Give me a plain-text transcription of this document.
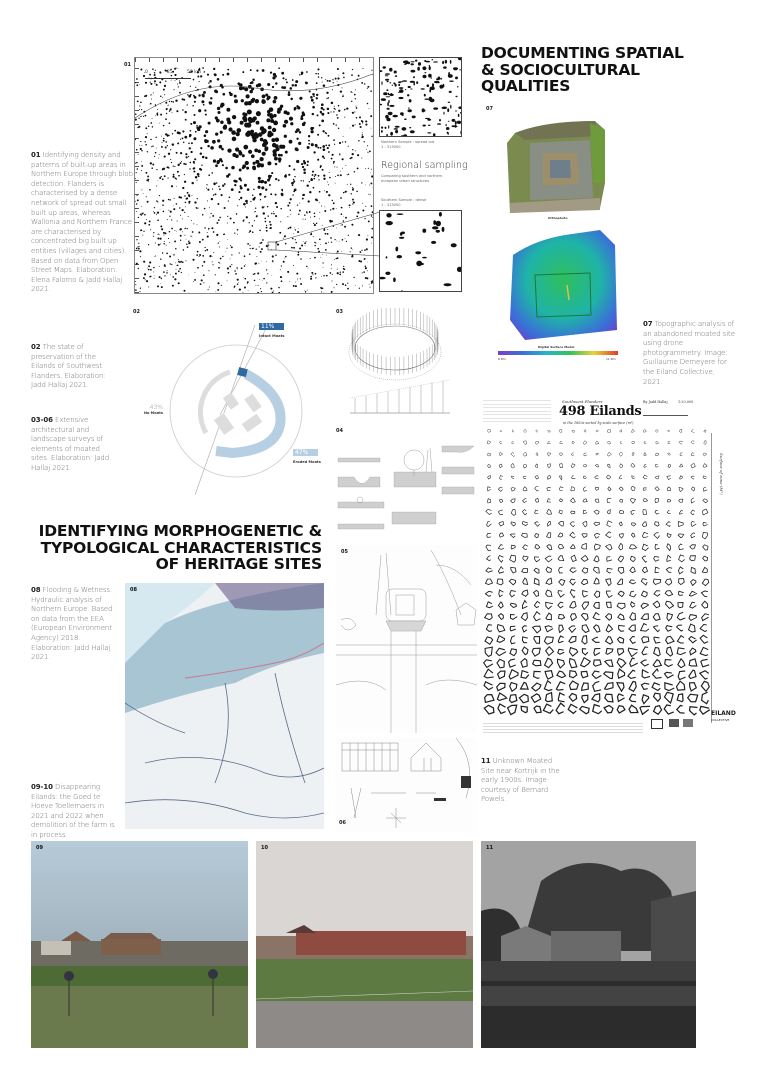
DOCUMENTING SPATIAL
& SOCIOCULTURAL
QUALITIES
01 Identifying density and patterns of built-up areas in Northern Europe through blob detection. Flanders is characterised by a dense network of spread out small built up areas, whereas Wallonia and Northern France are characterised by concentrated big built up entities (villages and cities). Based on data from Open Street Maps. Elaboration: Elena Falomo & Jadd Hallaj 2021.
02 The state of preservation of the Eilands of Southwest Flanders. Elaboration: Jadd Hallaj 2021.
03-06 Extensive architectural and landscape surveys of elements of moated sites. Elaboration: Jadd Hallaj 2021.
08 Flooding & Wetness. Hydraulic analysis of Northern Europe. Based on data from the EEA (European Environment Agency) 2018. Elaboration: Jadd Hallaj 2021.
09-10 Disappearing Eilands: the Goed te Hoeve Toellemaers in 2021 and 2022 when demolition of the farm is in process.
01
0	25	50 km
Northern Sample : spread out
1 : 313000
Regional sampling
Comparing southern and northern
european urban structures.
Southern Sample : dense
1 : 313000
02
11%
Intact Moats
43%
No Moats
47%
Eroded Moats
03
04
IDENTIFYING MORPHOGENETIC &
TYPOLOGICAL CHARACTERISTICS
OF HERITAGE SITES
08
05
06
07
Orthophoto
Digital Surface Model
6.8m	11.8m
07 Topographic analysis of an abandoned moated site using drone photogrammetry. Image: Guillaume Demeyere for the Eiland Collective, 2021.
Southwest Flanders
498 Eilands
in the 1850s sorted by scale surface (m²)
By Jadd Hallaj	1:20,000
Surface of zone (M²)
EILAND
COLLECTIVE
11 Unknown Moated Site near Kortrijk in the early 1900s. Image courtesy of Bernard Powels.
09	10	11
